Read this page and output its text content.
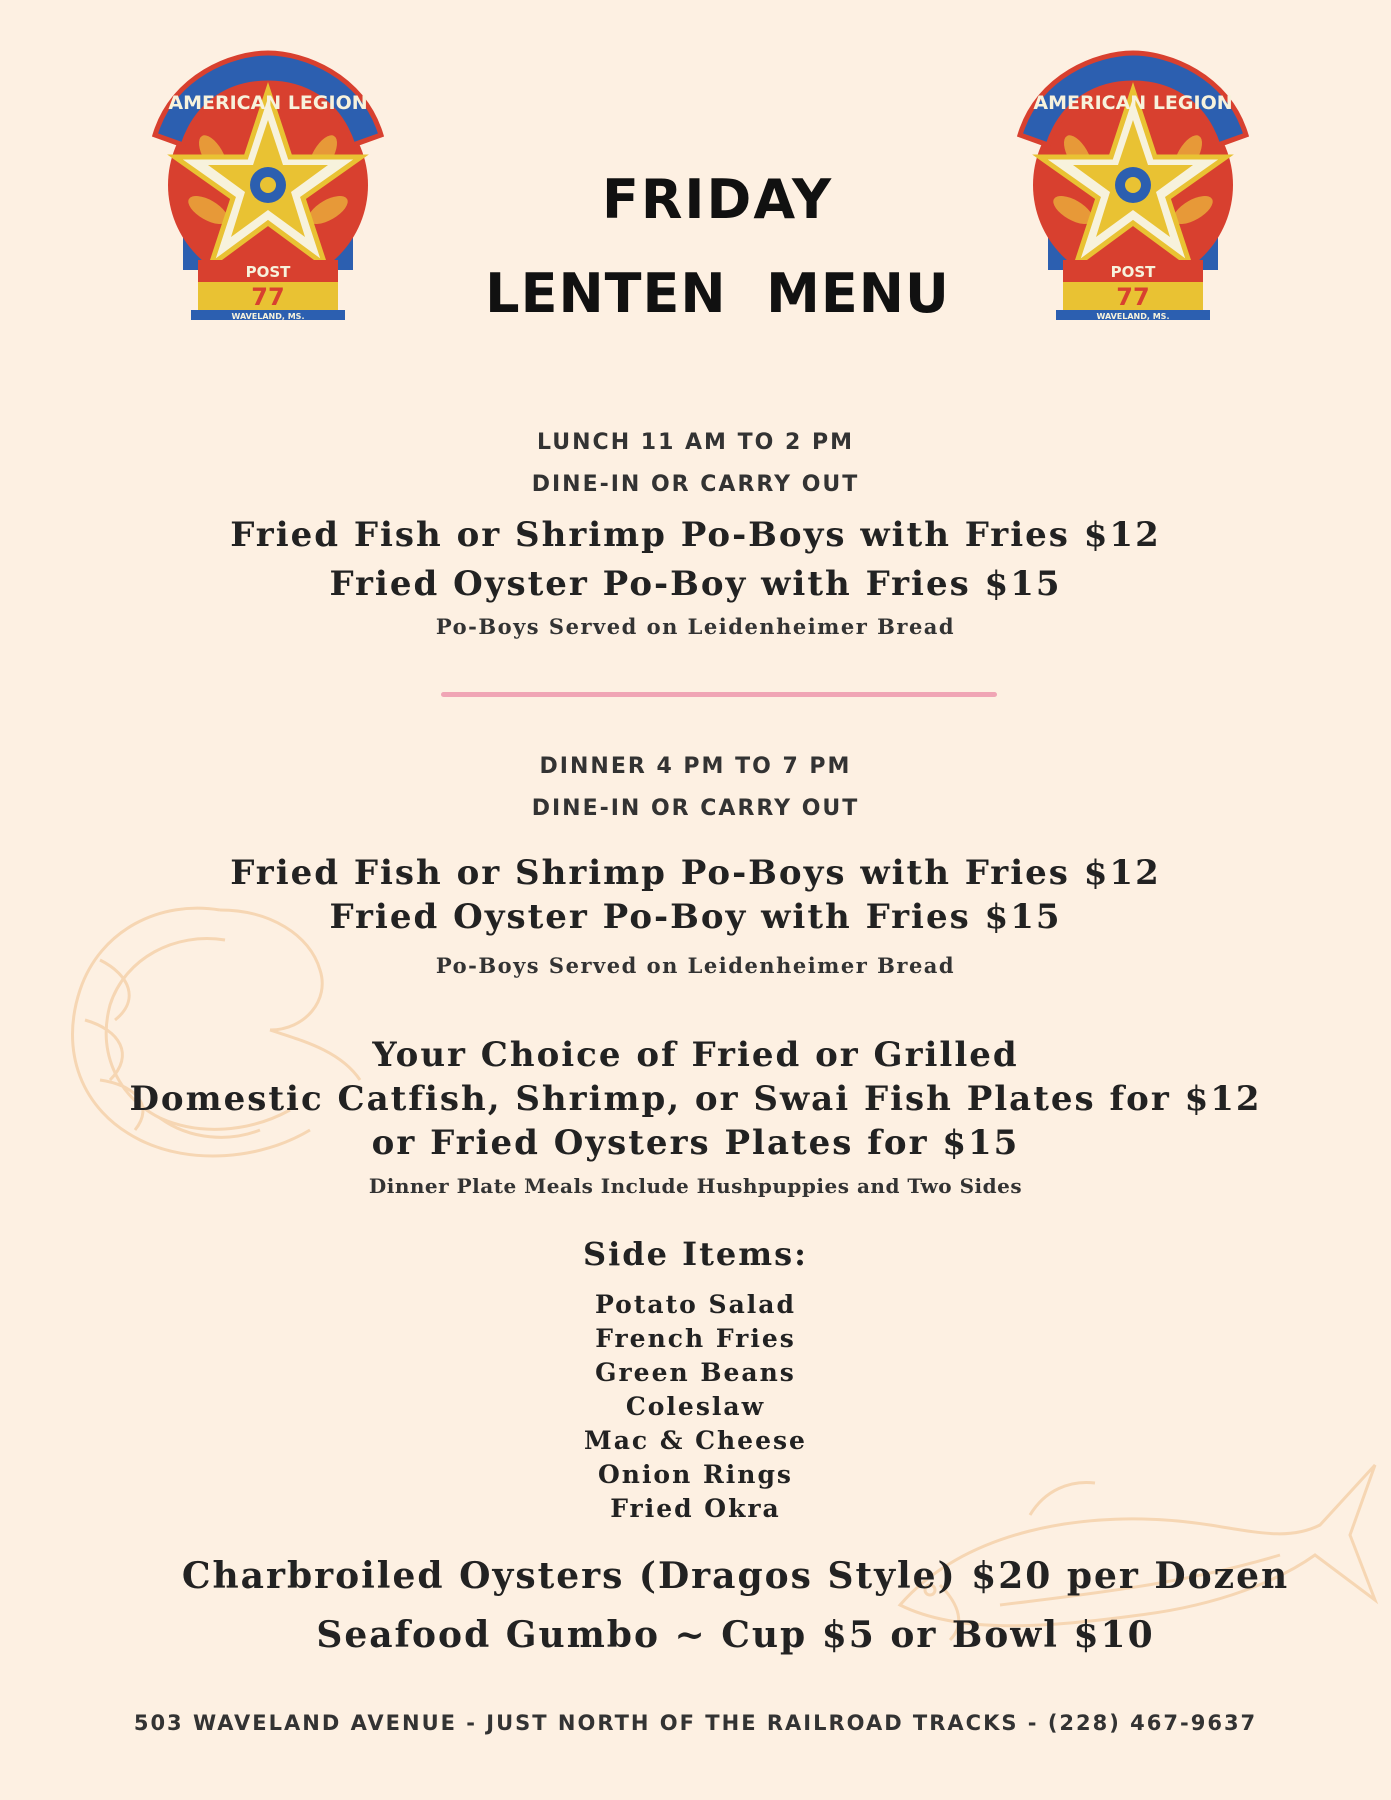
POST
77
WAVELAND, MS.
AMERICAN LEGION
POST
77
WAVELAND, MS.
AMERICAN LEGION
FRIDAY
LENTEN  MENU
LUNCH 11 AM TO 2 PM
DINE-IN OR CARRY OUT
Fried Fish or Shrimp Po-Boys with Fries $12
Fried Oyster Po-Boy with Fries $15
Po-Boys Served on Leidenheimer Bread
DINNER 4 PM TO 7 PM
DINE-IN OR CARRY OUT
Fried Fish or Shrimp Po-Boys with Fries $12
Fried Oyster Po-Boy with Fries $15
Po-Boys Served on Leidenheimer Bread
Your Choice of Fried or Grilled
Domestic Catfish, Shrimp, or Swai Fish Plates for $12
or Fried Oysters Plates for $15
Dinner Plate Meals Include Hushpuppies and Two Sides
Side Items:
Potato Salad
French Fries
Green Beans
Coleslaw
Mac & Cheese
Onion Rings
Fried Okra
Charbroiled Oysters (Dragos Style) $20 per Dozen
Seafood Gumbo ~ Cup $5 or Bowl $10
503 WAVELAND AVENUE - JUST NORTH OF THE RAILROAD TRACKS - (228) 467-9637
